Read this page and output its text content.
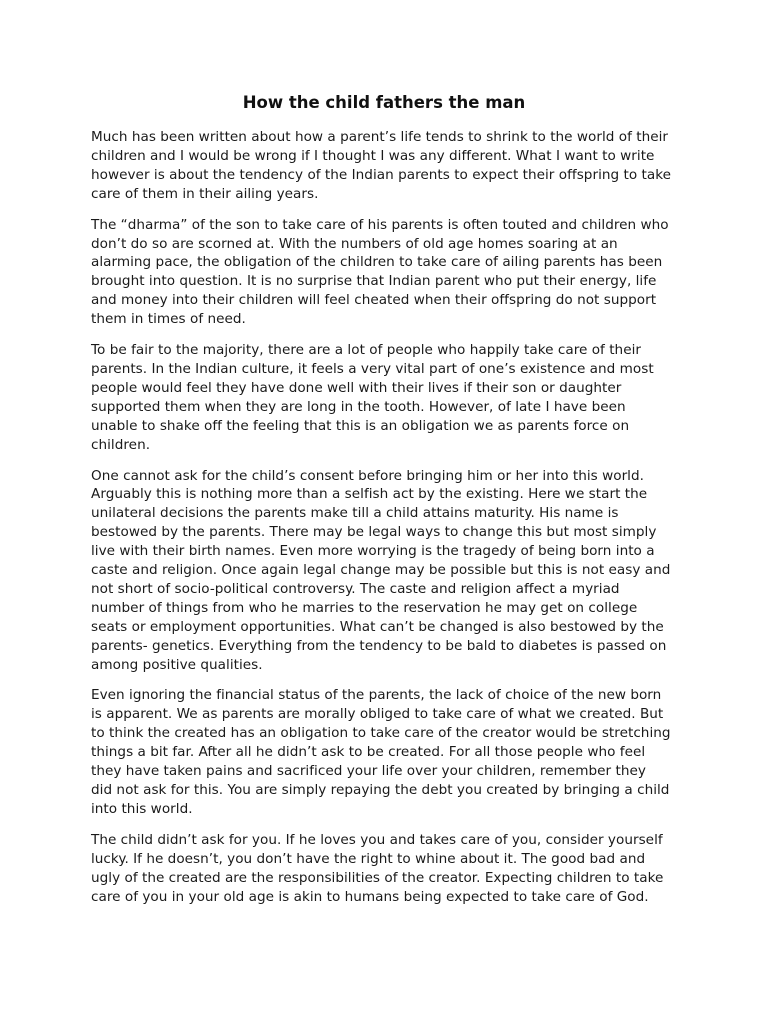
How the child fathers the man

Much has been written about how a parent’s life tends to shrink to the world of their
children and I would be wrong if I thought I was any different. What I want to write
however is about the tendency of the Indian parents to expect their offspring to take
care of them in their ailing years.

The “dharma” of the son to take care of his parents is often touted and children who
don’t do so are scorned at. With the numbers of old age homes soaring at an
alarming pace, the obligation of the children to take care of ailing parents has been
brought into question. It is no surprise that Indian parent who put their energy, life
and money into their children will feel cheated when their offspring do not support
them in times of need.

To be fair to the majority, there are a lot of people who happily take care of their
parents. In the Indian culture, it feels a very vital part of one’s existence and most
people would feel they have done well with their lives if their son or daughter
supported them when they are long in the tooth. However, of late I have been
unable to shake off the feeling that this is an obligation we as parents force on
children.

One cannot ask for the child’s consent before bringing him or her into this world.
Arguably this is nothing more than a selfish act by the existing. Here we start the
unilateral decisions the parents make till a child attains maturity. His name is
bestowed by the parents. There may be legal ways to change this but most simply
live with their birth names. Even more worrying is the tragedy of being born into a
caste and religion. Once again legal change may be possible but this is not easy and
not short of socio-political controversy. The caste and religion affect a myriad
number of things from who he marries to the reservation he may get on college
seats or employment opportunities. What can’t be changed is also bestowed by the
parents- genetics. Everything from the tendency to be bald to diabetes is passed on
among positive qualities.

Even ignoring the financial status of the parents, the lack of choice of the new born
is apparent. We as parents are morally obliged to take care of what we created. But
to think the created has an obligation to take care of the creator would be stretching
things a bit far. After all he didn’t ask to be created. For all those people who feel
they have taken pains and sacrificed your life over your children, remember they
did not ask for this. You are simply repaying the debt you created by bringing a child
into this world.

The child didn’t ask for you. If he loves you and takes care of you, consider yourself
lucky. If he doesn’t, you don’t have the right to whine about it. The good bad and
ugly of the created are the responsibilities of the creator. Expecting children to take
care of you in your old age is akin to humans being expected to take care of God.
